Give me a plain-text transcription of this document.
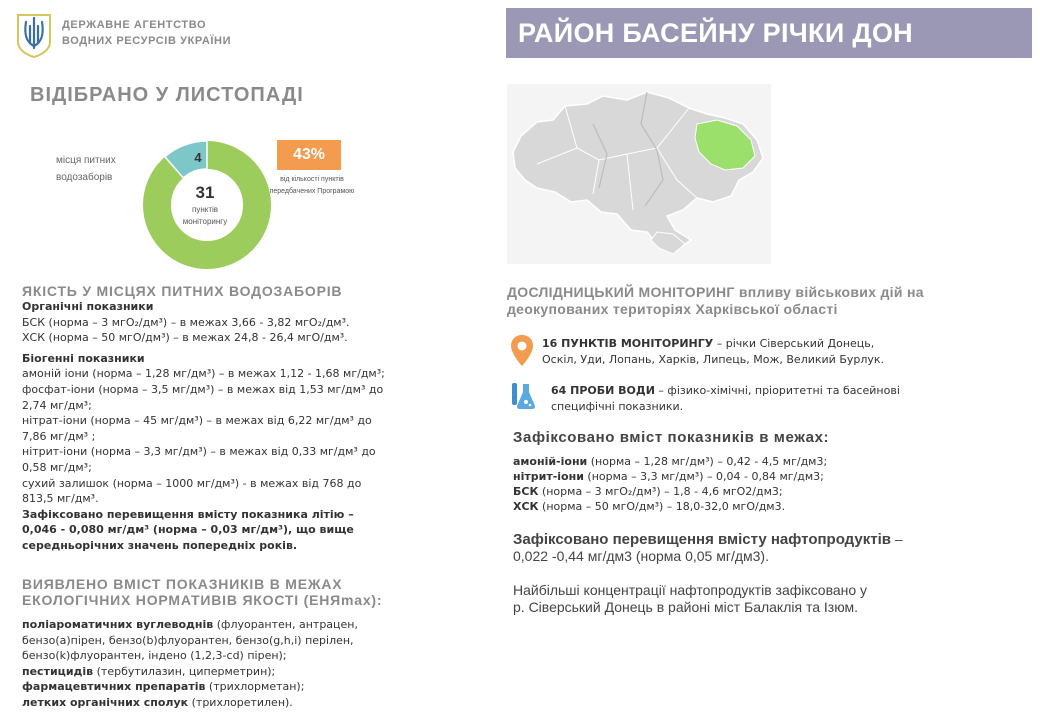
ДЕРЖАВНЕ АГЕНТСТВО
ВОДНИХ РЕСУРСІВ УКРАЇНИ	РАЙОН БАСЕЙНУ РІЧКИ ДОН
ВІДІБРАНО У ЛИСТОПАДІ
місця питних
водозаборів
4
31
пунктів
моніторингу
43%
від кількості пунктів передбачених Програмою
ЯКІСТЬ У МІСЦЯХ ПИТНИХ ВОДОЗАБОРІВ
Органічні показники
БСК (норма – 3 мгО₂/дм³) – в межах 3,66 - 3,82 мгО₂/дм³.
ХСК (норма – 50 мгО/дм³) – в межах 24,8 - 26,4 мгО/дм³.
Біогенні показники
амоній іони (норма – 1,28 мг/дм³) – в межах 1,12 - 1,68 мг/дм³;
фосфат-іони (норма – 3,5 мг/дм³) – в межах від 1,53 мг/дм³ до
2,74 мг/дм³;
нітрат-іони (норма – 45 мг/дм³) – в межах від 6,22 мг/дм³ до
7,86 мг/дм³ ;
нітрит-іони (норма – 3,3 мг/дм³) – в межах від 0,33 мг/дм³ до
0,58 мг/дм³;
сухий залишок (норма – 1000 мг/дм³) - в межах від 768 до
813,5 мг/дм³.
Зафіксовано перевищення вмісту показника літію –
0,046 - 0,080 мг/дм³ (норма – 0,03 мг/дм³), що вище
середньорічних значень попередніх років.
ВИЯВЛЕНО ВМІСТ ПОКАЗНИКІВ В МЕЖАХ
ЕКОЛОГІЧНИХ НОРМАТИВІВ ЯКОСТІ (ЕНЯmax):
поліароматичних вуглеводнів (флуорантен, антрацен,
бензо(а)пірен, бензо(b)флуорантен, бензо(g,h,i) перілен,
бензо(k)флуорантен, індено (1,2,3-cd) пірен);
пестицидів (тербутилазин, циперметрин);
фармацевтичних препаратів (трихлорметан);
летких органічних сполук (трихлоретилен).
ДОСЛІДНИЦЬКИЙ МОНІТОРИНГ впливу військових дій на
деокупованих територіях Харківської області
16 ПУНКТІВ МОНІТОРИНГУ – річки Сіверський Донець,
Оскіл, Уди, Лопань, Харків, Липець, Мож, Великий Бурлук.
64 ПРОБИ ВОДИ – фізико-хімічні, пріоритетні та басейнові
специфічні показники.
Зафіксовано вміст показників в межах:
амоній-іони (норма – 1,28 мг/дм³) – 0,42 - 4,5 мг/дм3;
нітрит-іони (норма – 3,3 мг/дм³) – 0,04 - 0,84 мг/дм3;
БСК (норма – 3 мгО₂/дм³) – 1,8 - 4,6 мгО2/дм3;
ХСК (норма – 50 мгО/дм³) – 18,0-32,0 мгО/дм3.
Зафіксовано перевищення вмісту нафтопродуктів –
0,022 -0,44 мг/дм3 (норма 0,05 мг/дм3).
Найбільші концентрації нафтопродуктів зафіксовано у
р. Сіверський Донець в районі міст Балаклія та Ізюм.
